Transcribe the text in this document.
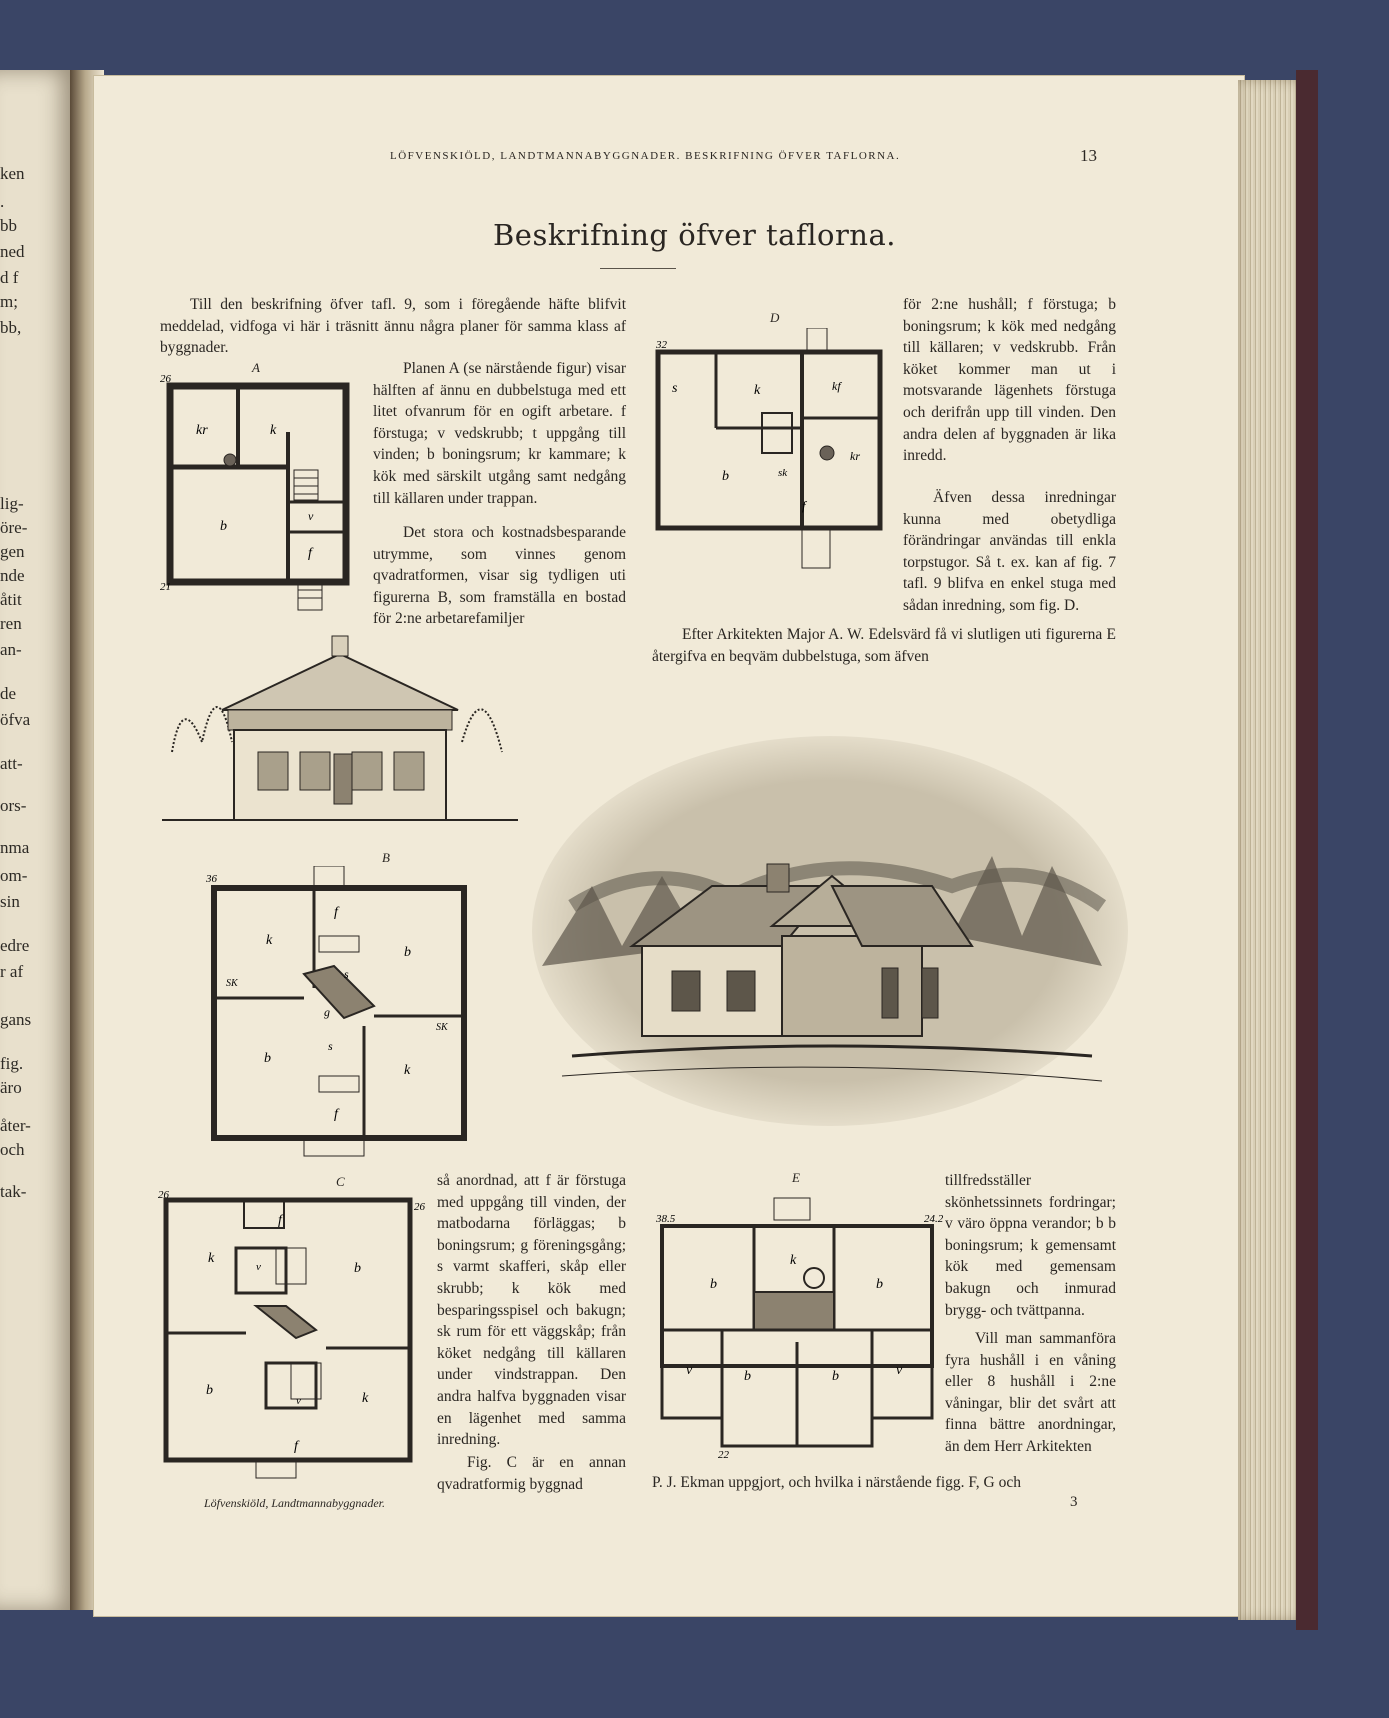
ken
.
bb
ned
d f
m;
bb,
lig-
öre-
gen
nde
åtit
ren
an-
de
öfva
att-
ors-
nma
om-
sin
edre
r af
gans
fig.
äro
åter-
och
tak-
LÖFVENSKIÖLD, LANDTMANNABYGGNADER. BESKRIFNING ÖFVER TAFLORNA.	13
Beskrifning öfver taflorna.
Till den beskrifning öfver tafl. 9, som i föregående häfte blifvit meddelad, vidfoga vi här i träsnitt ännu några planer för samma klass af byggnader.
A
26
kr	k
b
v
f
21

Planen A (se närstående figur) visar hälften af ännu en dubbelstuga med ett litet ofvanrum för en ogift arbetare. f förstuga; v vedskrubb; t uppgång till vinden; b boningsrum; kr kammare; k kök med särskilt utgång samt nedgång till källaren under trappan.

Det stora och kostnadsbesparande utrymme, som vinnes genom qvadratformen, visar sig tydligen uti figurerna B, som framställa en bostad för 2:ne arbetarefamiljer

D
32
s	k	kf
b
kr
sk
f

för 2:ne hushåll; f förstuga; b boningsrum; k kök med nedgång till källaren; v vedskrubb. Från köket kommer man ut i motsvarande lägenhets förstuga och derifrån upp till vinden. Den andra delen af byggnaden är lika inredd.

Äfven dessa inredningar kunna med obetydliga förändringar användas till enkla torpstugor. Så t. ex. kan af fig. 7 tafl. 9 blifva en enkel stuga med sådan inredning, som fig. D.

Efter Arkitekten Major A. W. Edelsvärd få vi slutligen uti figurerna E återgifva en beqväm dubbelstuga, som äfven

B
36
f
k
b
SK
s
g
SK
s
b
k
f
C
26
26
f
k
b
v
b
k
v
f

så anordnad, att f är förstuga med uppgång till vinden, der matbodarna förläggas; b boningsrum; g föreningsgång; s varmt skafferi, skåp eller skrubb; k kök med besparingsspisel och bakugn; sk rum för ett väggskåp; från köket nedgång till källaren under vindstrappan. Den andra halfva byggnaden visar en lägenhet med samma inredning.

Fig. C är en annan qvadratformig byggnad

E
38.5	24.2
k
b	b
v	v
b	b
22

tillfredsställer skönhetssinnets fordringar; v väro öppna verandor; b b boningsrum; k gemensamt kök med gemensam bakugn och inmurad brygg- och tvättpanna.

Vill man sammanföra fyra hushåll i en våning eller 8 hushåll i 2:ne våningar, blir det svårt att finna bättre anordningar, än dem Herr Arkitekten

P. J. Ekman uppgjort, och hvilka i närstående figg. F, G och

Löfvenskiöld, Landtmannabyggnader.	3
